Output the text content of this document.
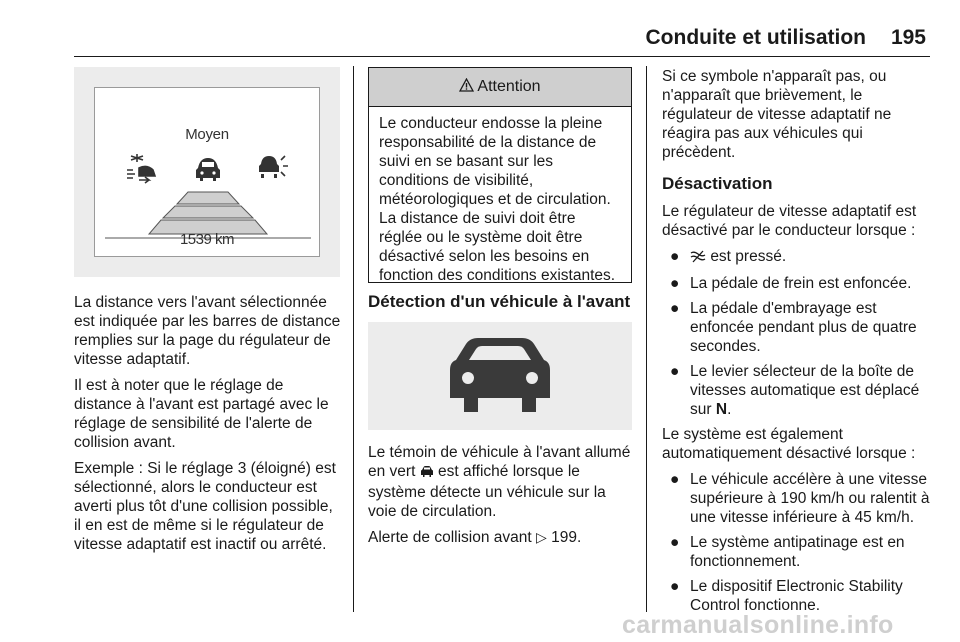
Conduite et utilisation	195
Moyen
1539 km

La distance vers l'avant sélectionnée est indiquée par les barres de distance remplies sur la page du régulateur de vitesse adaptatif.

Il est à noter que le réglage de distance à l'avant est partagé avec le réglage de sensibilité de l'alerte de collision avant.

Exemple : Si le réglage 3 (éloigné) est sélectionné, alors le conducteur est averti plus tôt d'une collision possible, il en est de même si le régulateur de vitesse adaptatif est inactif ou arrêté.

Attention
Le conducteur endosse la pleine responsabilité de la distance de suivi en se basant sur les conditions de visibilité, météorologiques et de circulation. La distance de suivi doit être réglée ou le système doit être désactivé selon les besoins en fonction des conditions existantes.
Détection d'un véhicule à l'avant

Le témoin de véhicule à l'avant allumé en vert est affiché lorsque le système détecte un véhicule sur la voie de circulation.

Alerte de collision avant ▷ 199.

Si ce symbole n'apparaît pas, ou n'apparaît que brièvement, le régulateur de vitesse adaptatif ne réagira pas aux véhicules qui précèdent.

Désactivation

Le régulateur de vitesse adaptatif est désactivé par le conducteur lorsque :

● est pressé.
● La pédale de frein est enfoncée.
● La pédale d'embrayage est enfoncée pendant plus de quatre secondes.
● Le levier sélecteur de la boîte de vitesses automatique est déplacé sur N.

Le système est également automatiquement désactivé lorsque :

● Le véhicule accélère à une vitesse supérieure à 190 km/h ou ralentit à une vitesse inférieure à 45 km/h.
● Le système antipatinage est en fonctionnement.
● Le dispositif Electronic Stability Control fonctionne.
carmanualsonline.info
